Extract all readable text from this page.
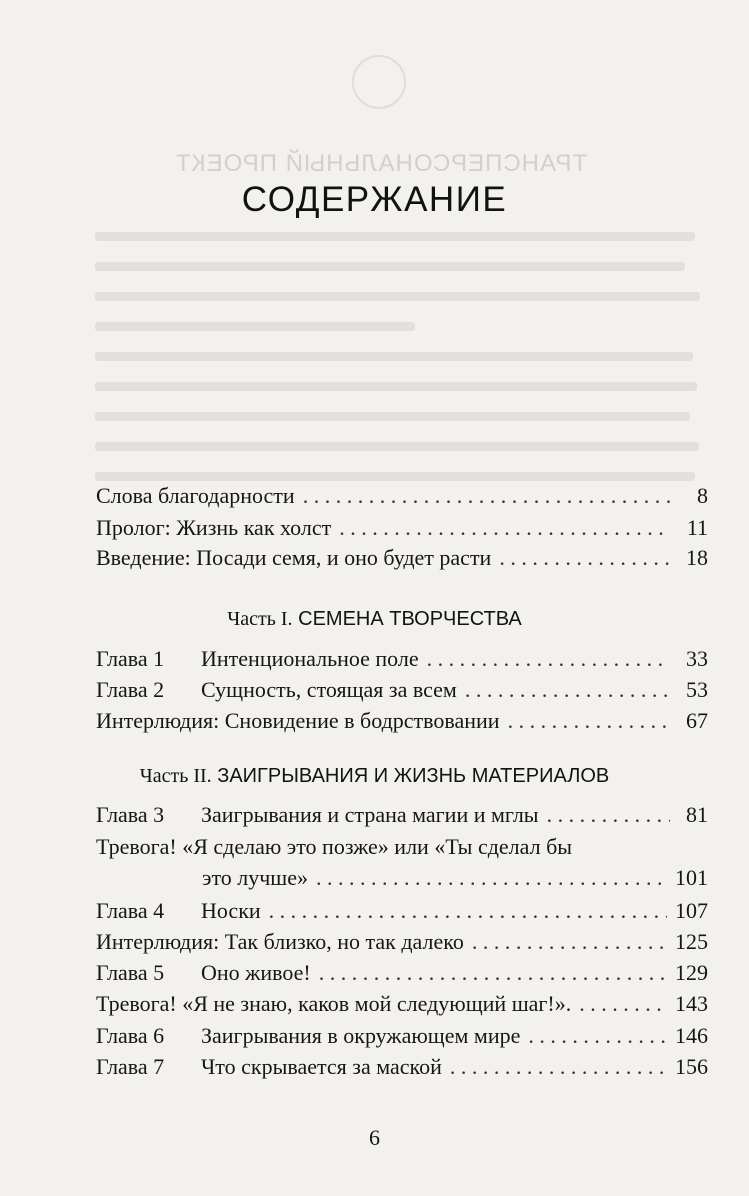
ТРАНСПЕРСОНАЛЬНЫЙ ПРОЕКТ
СОДЕРЖАНИЕ
Слова благодарности . . .	8
Пролог: Жизнь как холст . . .	11
Введение: Посади семя, и оно будет расти . . .	18
Часть I. СЕМЕНА ТВОРЧЕСТВА
Глава 1 Интенциональное поле . . .	33
Глава 2 Сущность, стоящая за всем . . .	53
Интерлюдия: Сновидение в бодрствовании . . .	67
Часть II. ЗАИГРЫВАНИЯ И ЖИЗНЬ МАТЕРИАЛОВ
Глава 3 Заигрывания и страна магии и мглы . . .	81
Тревога! «Я сделаю это позже» или «Ты сделал бы
это лучше» . . .	101
Глава 4 Носки . . .	107
Интерлюдия: Так близко, но так далеко . . .	125
Глава 5 Оно живое! . . .	129
Тревога! «Я не знаю, каков мой следующий шаг!». . . .	143
Глава 6 Заигрывания в окружающем мире . . .	146
Глава 7 Что скрывается за маской . . .	156
6
